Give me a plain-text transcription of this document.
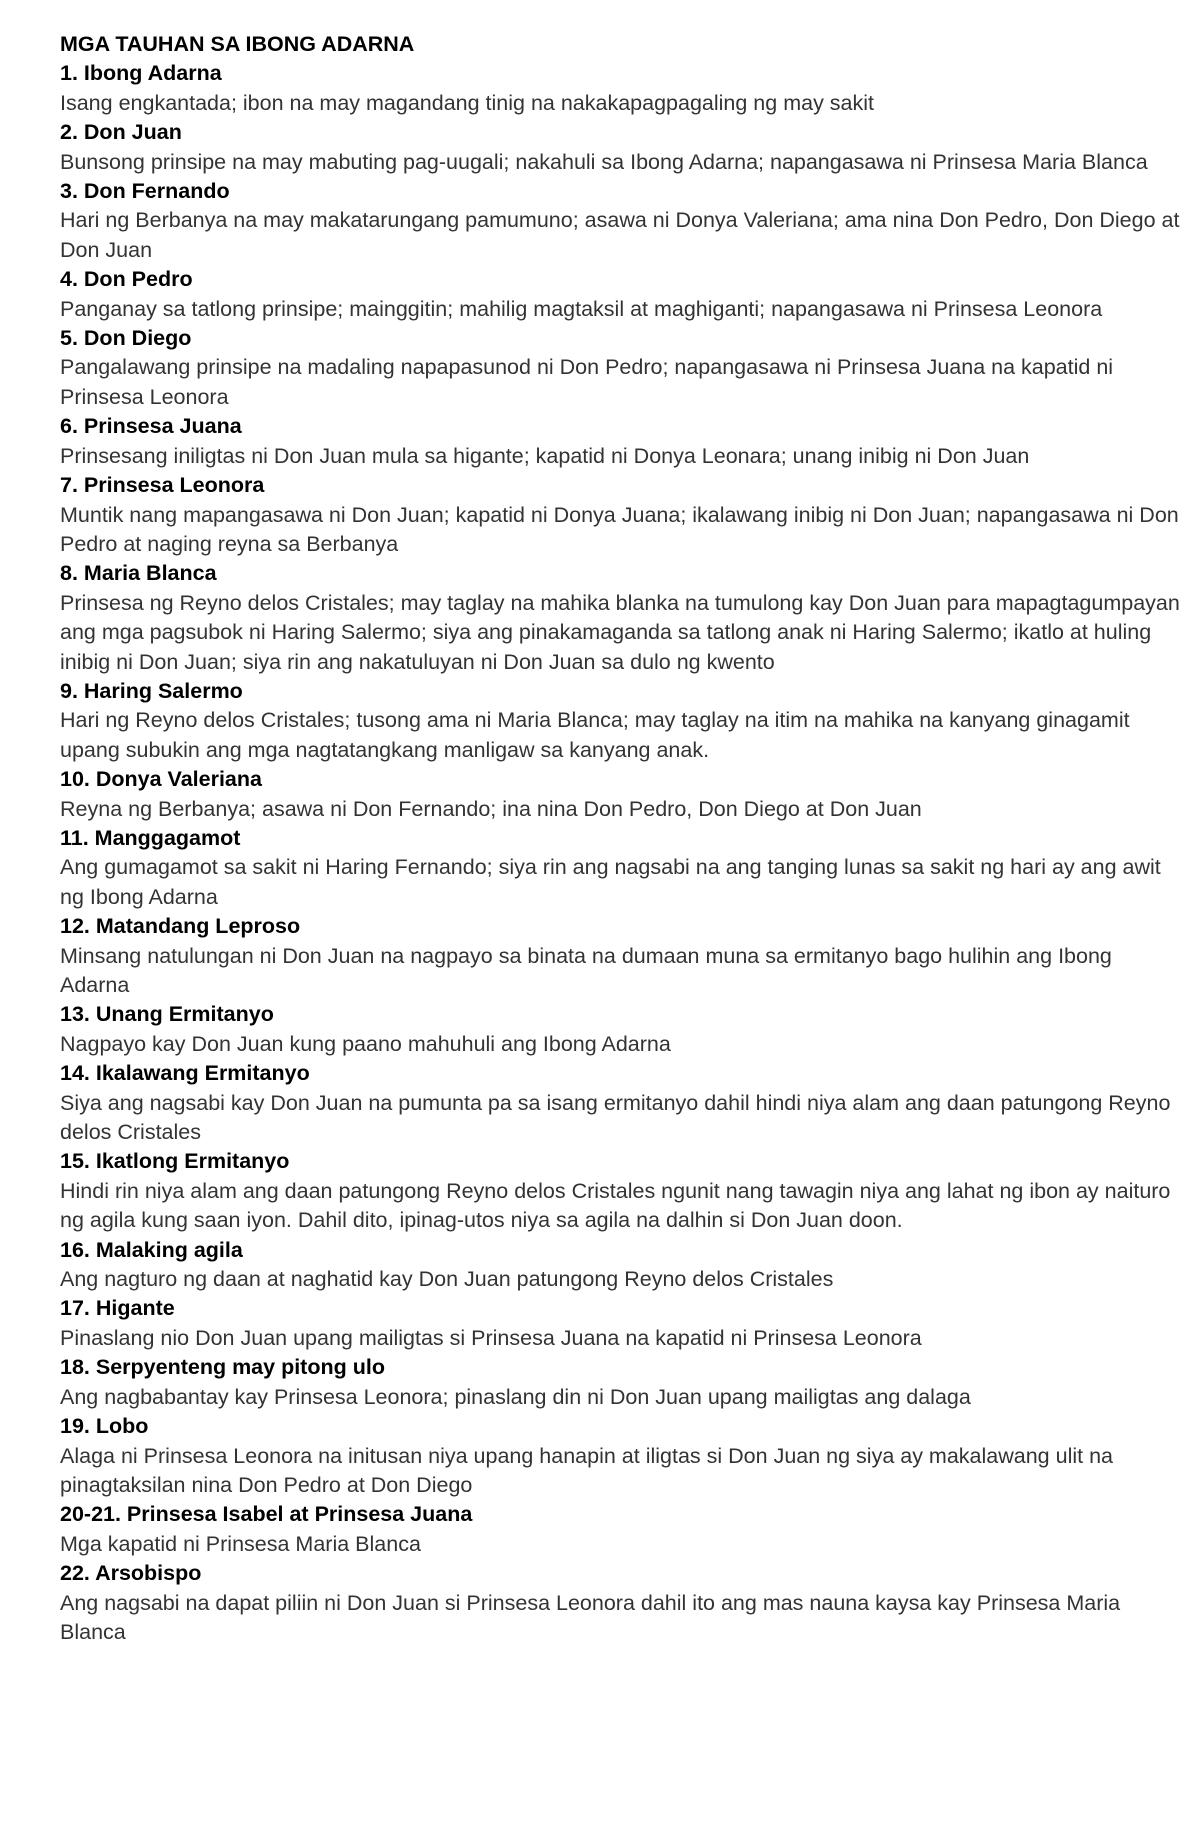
MGA TAUHAN SA IBONG ADARNA

1. Ibong Adarna

Isang engkantada; ibon na may magandang tinig na nakakapagpagaling ng may sakit

2. Don Juan

Bunsong prinsipe na may mabuting pag-uugali; nakahuli sa Ibong Adarna; napangasawa ni Prinsesa Maria Blanca

3. Don Fernando

Hari ng Berbanya na may makatarungang pamumuno; asawa ni Donya Valeriana; ama nina Don Pedro, Don Diego at Don Juan

4. Don Pedro

Panganay sa tatlong prinsipe; mainggitin; mahilig magtaksil at maghiganti; napangasawa ni Prinsesa Leonora

5. Don Diego

Pangalawang prinsipe na madaling napapasunod ni Don Pedro; napangasawa ni Prinsesa Juana na kapatid ni Prinsesa Leonora

6. Prinsesa Juana

Prinsesang iniligtas ni Don Juan mula sa higante; kapatid ni Donya Leonara; unang inibig ni Don Juan

7. Prinsesa Leonora

Muntik nang mapangasawa ni Don Juan; kapatid ni Donya Juana; ikalawang inibig ni Don Juan; napangasawa ni Don Pedro at naging reyna sa Berbanya

8. Maria Blanca

Prinsesa ng Reyno delos Cristales; may taglay na mahika blanka na tumulong kay Don Juan para mapagtagumpayan ang mga pagsubok ni Haring Salermo; siya ang pinakamaganda sa tatlong anak ni Haring Salermo; ikatlo at huling inibig ni Don Juan; siya rin ang nakatuluyan ni Don Juan sa dulo ng kwento

9. Haring Salermo

Hari ng Reyno delos Cristales; tusong ama ni Maria Blanca; may taglay na itim na mahika na kanyang ginagamit upang subukin ang mga nagtatangkang manligaw sa kanyang anak.

10. Donya Valeriana

Reyna ng Berbanya; asawa ni Don Fernando; ina nina Don Pedro, Don Diego at Don Juan

11. Manggagamot

Ang gumagamot sa sakit ni Haring Fernando; siya rin ang nagsabi na ang tanging lunas sa sakit ng hari ay ang awit ng Ibong Adarna

12. Matandang Leproso

Minsang natulungan ni Don Juan na nagpayo sa binata na dumaan muna sa ermitanyo bago hulihin ang Ibong Adarna

13. Unang Ermitanyo

Nagpayo kay Don Juan kung paano mahuhuli ang Ibong Adarna

14. Ikalawang Ermitanyo

Siya ang nagsabi kay Don Juan na pumunta pa sa isang ermitanyo dahil hindi niya alam ang daan patungong Reyno delos Cristales

15. Ikatlong Ermitanyo

Hindi rin niya alam ang daan patungong Reyno delos Cristales ngunit nang tawagin niya ang lahat ng ibon ay naituro ng agila kung saan iyon. Dahil dito, ipinag-utos niya sa agila na dalhin si Don Juan doon.

16. Malaking agila

Ang nagturo ng daan at naghatid kay Don Juan patungong Reyno delos Cristales

17. Higante

Pinaslang nio Don Juan upang mailigtas si Prinsesa Juana na kapatid ni Prinsesa Leonora

18. Serpyenteng may pitong ulo

Ang nagbabantay kay Prinsesa Leonora; pinaslang din ni Don Juan upang mailigtas ang dalaga

19. Lobo

Alaga ni Prinsesa Leonora na initusan niya upang hanapin at iligtas si Don Juan ng siya ay makalawang ulit na pinagtaksilan nina Don Pedro at Don Diego

20-21. Prinsesa Isabel at Prinsesa Juana

Mga kapatid ni Prinsesa Maria Blanca

22. Arsobispo

Ang nagsabi na dapat piliin ni Don Juan si Prinsesa Leonora dahil ito ang mas nauna kaysa kay Prinsesa Maria Blanca
